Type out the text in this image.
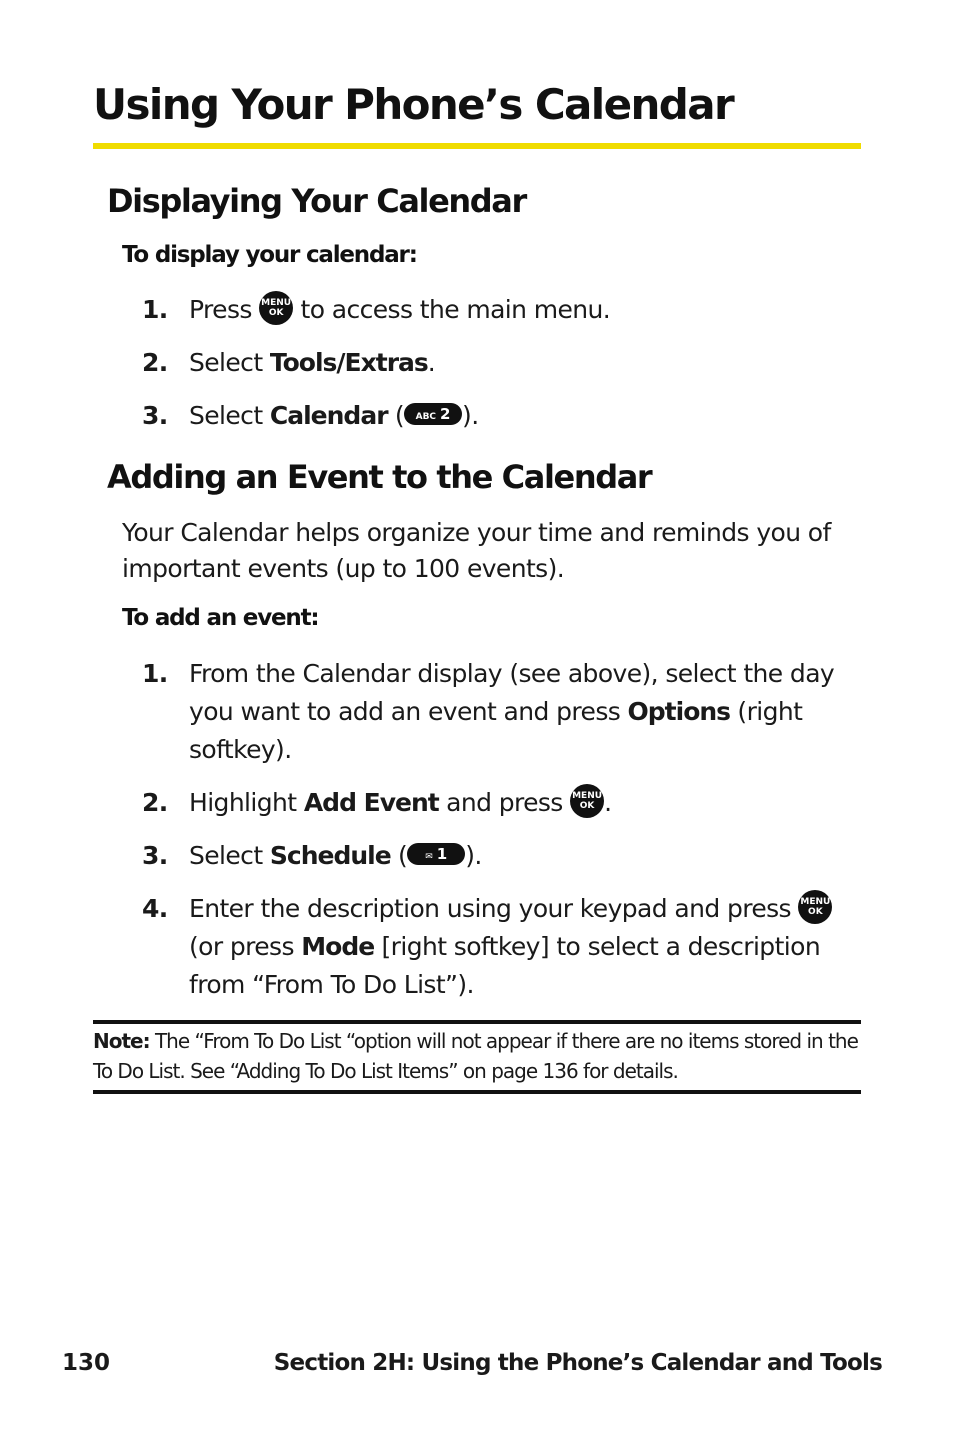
Using Your Phone’s Calendar
Displaying Your Calendar

To display your calendar:

1. Press MENU OK to access the main menu.
2. Select Tools/Extras.
3. Select Calendar ( ABC 2 ).
Adding an Event to the Calendar
Your Calendar helps organize your time and reminds you of important events (up to 100 events).

To add an event:

1. From the Calendar display (see above), select the day you want to add an event and press Options (right softkey).
2. Highlight Add Event and press MENU OK .
3. Select Schedule ( ✉ 1 ).
4. Enter the description using your keypad and press MENU OK (or press Mode [right softkey] to select a description from “From To Do List”).
Note: The “From To Do List “option will not appear if there are no items stored in the To Do List. See “Adding To Do List Items” on page 136 for details.
130	Section 2H: Using the Phone’s Calendar and Tools
